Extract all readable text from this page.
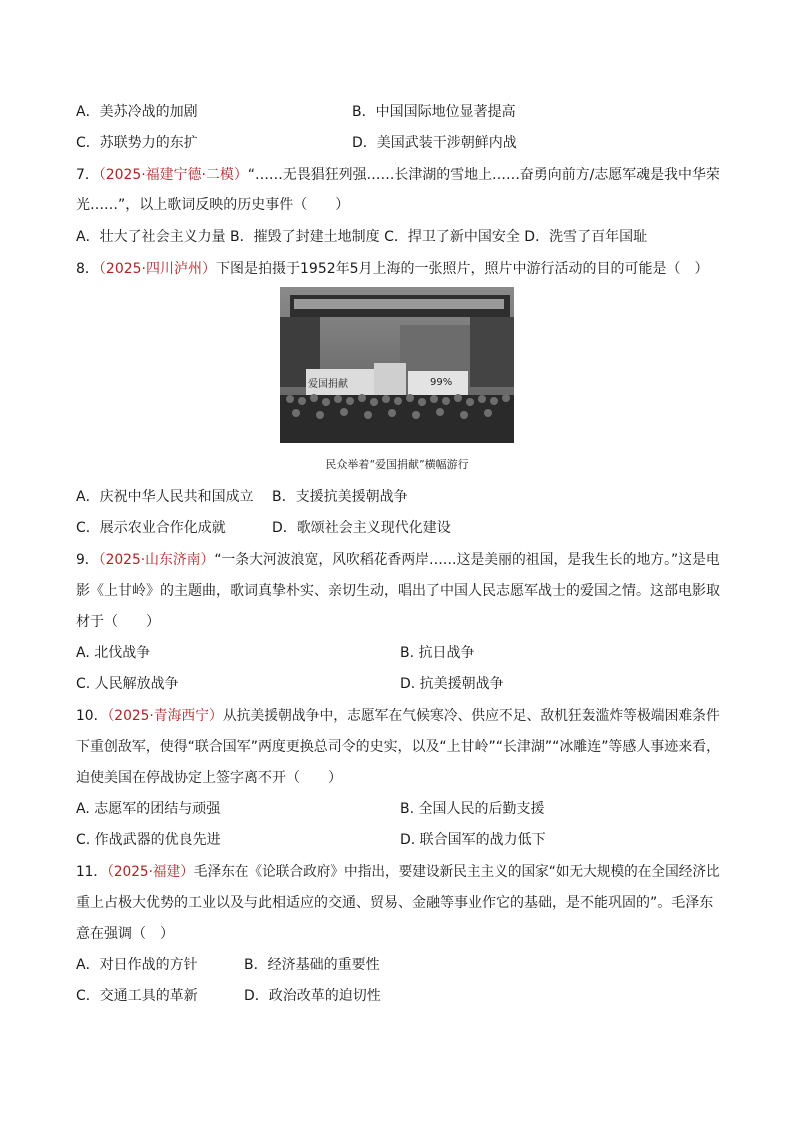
A．美苏冷战的加剧	B．中国国际地位显著提高
C．苏联势力的东扩	D．美国武装干涉朝鲜内战
7．（2025·福建宁德·二模）“……无畏猖狂列强……长津湖的雪地上……奋勇向前方/志愿军魂是我中华荣
光……”，以上歌词反映的历史事件（　　）
A．壮大了社会主义力量 B．摧毁了封建土地制度 C．捍卫了新中国安全 D．洗雪了百年国耻
8．（2025·四川泸州）下图是拍摄于1952年5月上海的一张照片，照片中游行活动的目的可能是（　）
爱国捐献	99%
民众举着“爱国捐献”横幅游行
A．庆祝中华人民共和国成立 B．支援抗美援朝战争
C．展示农业合作化成就	D．歌颂社会主义现代化建设
9．（2025·山东济南）“一条大河波浪宽，风吹稻花香两岸……这是美丽的祖国，是我生长的地方。”这是电
影《上甘岭》的主题曲，歌词真挚朴实、亲切生动，唱出了中国人民志愿军战士的爱国之情。这部电影取
材于（　　）
A. 北伐战争	B. 抗日战争
C. 人民解放战争	D. 抗美援朝战争
10．（2025·青海西宁）从抗美援朝战争中，志愿军在气候寒冷、供应不足、敌机狂轰滥炸等极端困难条件
下重创敌军，使得“联合国军”两度更换总司令的史实，以及“上甘岭”“长津湖”“冰雕连”等感人事迹来看，
迫使美国在停战协定上签字离不开（　　）
A. 志愿军的团结与顽强	B. 全国人民的后勤支援
C. 作战武器的优良先进	D. 联合国军的战力低下
11．（2025·福建）毛泽东在《论联合政府》中指出，要建设新民主主义的国家“如无大规模的在全国经济比
重上占极大优势的工业以及与此相适应的交通、贸易、金融等事业作它的基础，是不能巩固的”。毛泽东
意在强调（　）
A．对日作战的方针	B．经济基础的重要性
C．交通工具的革新	D．政治改革的迫切性
